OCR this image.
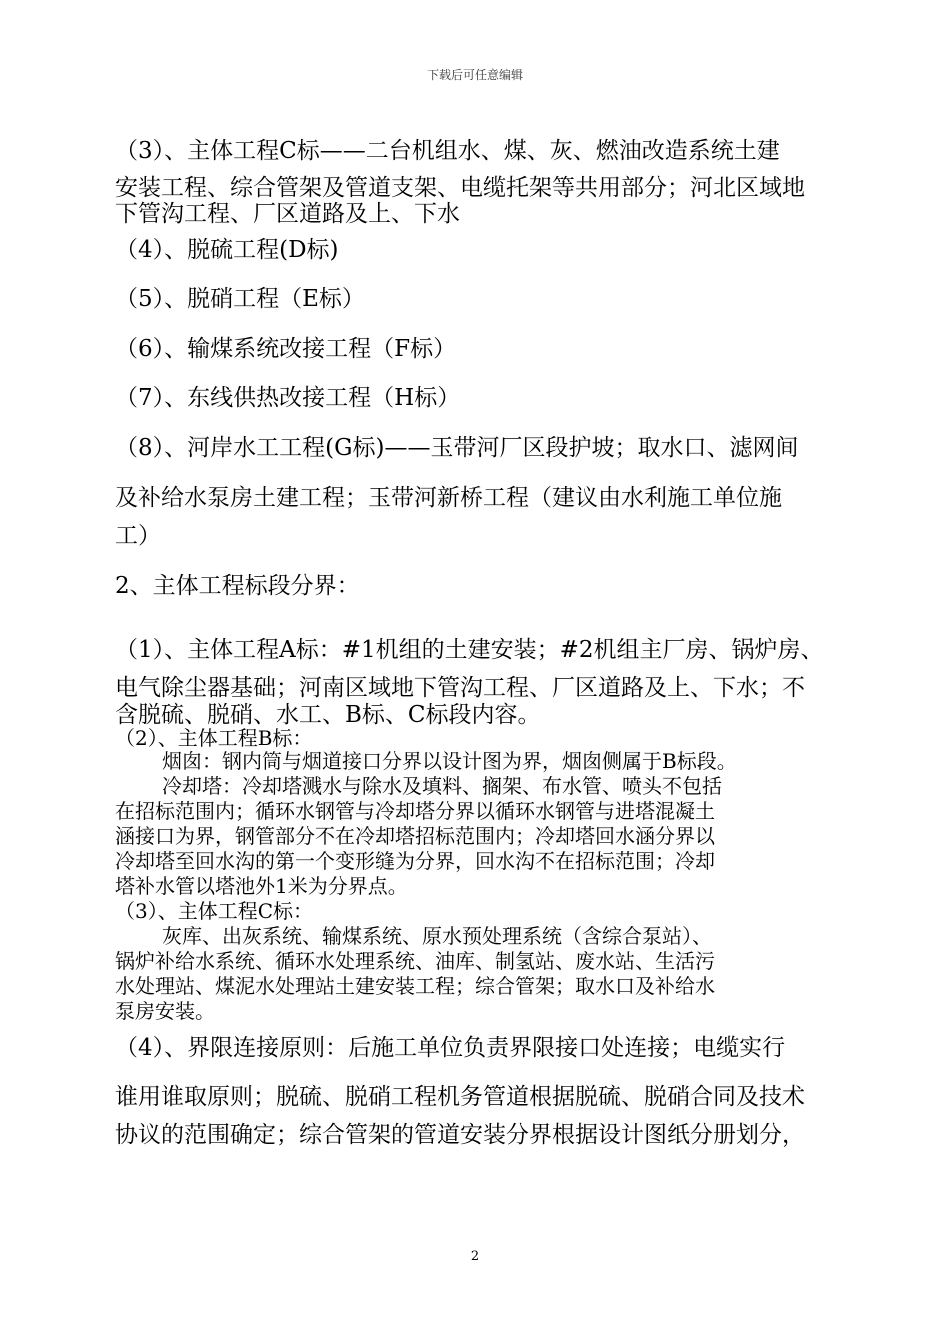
下载后可任意编辑
（3）、主体工程C标——二台机组水、煤、灰、燃油改造系统土建
安装工程、综合管架及管道支架、电缆托架等共用部分；河北区域地
下管沟工程、厂区道路及上、下水
（4）、脱硫工程(D标)
（5）、脱硝工程（E标）
（6）、输煤系统改接工程（F标）
（7）、东线供热改接工程（H标）
（8）、河岸水工工程(G标)——玉带河厂区段护坡；取水口、滤网间
及补给水泵房土建工程；玉带河新桥工程（建议由水利施工单位施
工）
2、主体工程标段分界：
（1）、主体工程A标：#1机组的土建安装；#2机组主厂房、锅炉房、
电气除尘器基础；河南区域地下管沟工程、厂区道路及上、下水；不
含脱硫、脱硝、水工、B标、C标段内容。
（2）、主体工程B标：
烟囱：钢内筒与烟道接口分界以设计图为界，烟囱侧属于B标段。
冷却塔：冷却塔溅水与除水及填料、搁架、布水管、喷头不包括
在招标范围内；循环水钢管与冷却塔分界以循环水钢管与进塔混凝土
涵接口为界，钢管部分不在冷却塔招标范围内；冷却塔回水涵分界以
冷却塔至回水沟的第一个变形缝为分界，回水沟不在招标范围；冷却
塔补水管以塔池外1米为分界点。
（3）、主体工程C标：
灰库、出灰系统、输煤系统、原水预处理系统（含综合泵站）、
锅炉补给水系统、循环水处理系统、油库、制氢站、废水站、生活污
水处理站、煤泥水处理站土建安装工程；综合管架；取水口及补给水
泵房安装。
（4）、界限连接原则：后施工单位负责界限接口处连接；电缆实行
谁用谁取原则；脱硫、脱硝工程机务管道根据脱硫、脱硝合同及技术
协议的范围确定；综合管架的管道安装分界根据设计图纸分册划分，
2
